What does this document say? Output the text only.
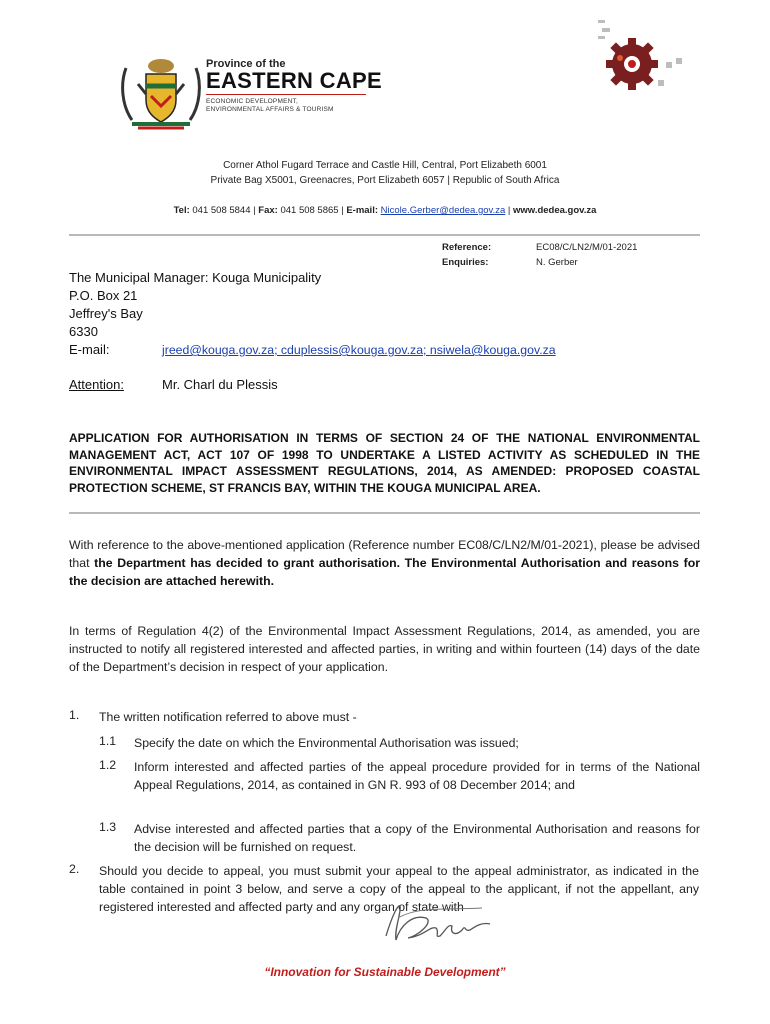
Province of the
EASTERN CAPE
ECONOMIC DEVELOPMENT,
ENVIRONMENTAL AFFAIRS & TOURISM
Corner Athol Fugard Terrace and Castle Hill, Central, Port Elizabeth 6001
Private Bag X5001, Greenacres, Port Elizabeth 6057 | Republic of South Africa
Tel: 041 508 5844 | Fax: 041 508 5865 | E-mail: Nicole.Gerber@dedea.gov.za | www.dedea.gov.za
Reference:	EC08/C/LN2/M/01-2021
Enquiries:	N. Gerber
The Municipal Manager: Kouga Municipality
P.O. Box 21
Jeffrey's Bay
6330
E-mail:	jreed@kouga.gov.za; cduplessis@kouga.gov.za; nsiwela@kouga.gov.za
Attention:	Mr. Charl du Plessis
APPLICATION FOR AUTHORISATION IN TERMS OF SECTION 24 OF THE NATIONAL ENVIRONMENTAL MANAGEMENT ACT, ACT 107 OF 1998 TO UNDERTAKE A LISTED ACTIVITY AS SCHEDULED IN THE ENVIRONMENTAL IMPACT ASSESSMENT REGULATIONS, 2014, AS AMENDED: PROPOSED COASTAL PROTECTION SCHEME, ST FRANCIS BAY, WITHIN THE KOUGA MUNICIPAL AREA.
With reference to the above-mentioned application (Reference number EC08/C/LN2/M/01-2021), please be advised that the Department has decided to grant authorisation. The Environmental Authorisation and reasons for the decision are attached herewith.
In terms of Regulation 4(2) of the Environmental Impact Assessment Regulations, 2014, as amended, you are instructed to notify all registered interested and affected parties, in writing and within fourteen (14) days of the date of the Department’s decision in respect of your application.
1. The written notification referred to above must -
1.1 Specify the date on which the Environmental Authorisation was issued;
1.2 Inform interested and affected parties of the appeal procedure provided for in terms of the National Appeal Regulations, 2014, as contained in GN R. 993 of 08 December 2014; and
1.3 Advise interested and affected parties that a copy of the Environmental Authorisation and reasons for the decision will be furnished on request.
2. Should you decide to appeal, you must submit your appeal to the appeal administrator, as indicated in the table contained in point 3 below, and serve a copy of the appeal to the applicant, if not the appellant, any registered interested and affected party and any organ of state with
“Innovation for Sustainable Development”
